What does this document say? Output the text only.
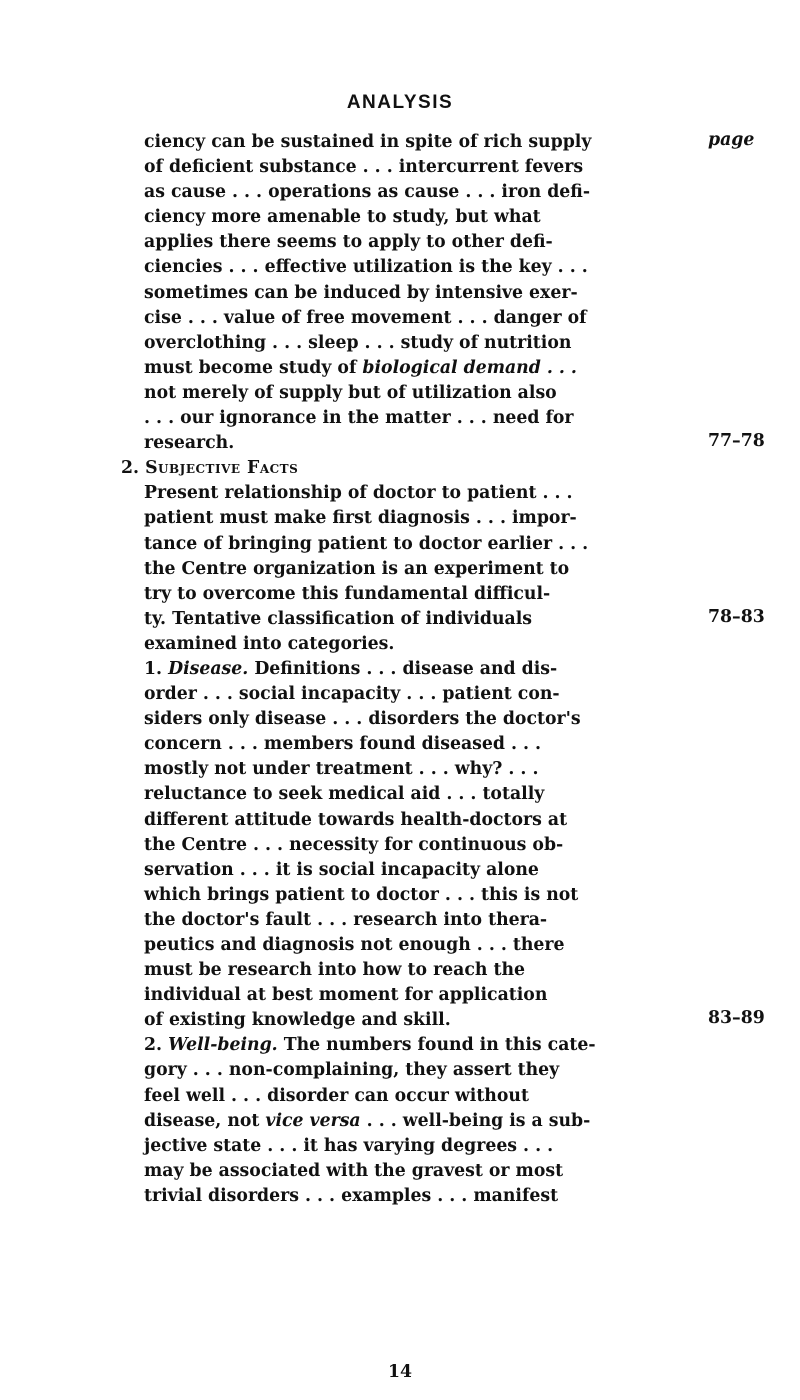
ANALYSIS
page

ciency can be sustained in spite of rich supply
of deficient substance . . . intercurrent fevers
as cause . . . operations as cause . . . iron defi-
ciency more amenable to study, but what
applies there seems to apply to other defi-
ciencies . . . effective utilization is the key . . .
sometimes can be induced by intensive exer-
cise . . . value of free movement . . . danger of
overclothing . . . sleep . . . study of nutrition
must become study of biological demand . . .
not merely of supply but of utilization also
. . . our ignorance in the matter . . . need for
research.

2. Subjective Facts

Present relationship of doctor to patient . . .
patient must make first diagnosis . . . impor-
tance of bringing patient to doctor earlier . . .
the Centre organization is an experiment to
try to overcome this fundamental difficul-
ty. Tentative classification of individuals
examined into categories.

1. Disease. Definitions . . . disease and dis-
order . . . social incapacity . . . patient con-
siders only disease . . . disorders the doctor's
concern . . . members found diseased . . .
mostly not under treatment . . . why? . . .
reluctance to seek medical aid . . . totally
different attitude towards health-doctors at
the Centre . . . necessity for continuous ob-
servation . . . it is social incapacity alone
which brings patient to doctor . . . this is not
the doctor's fault . . . research into thera-
peutics and diagnosis not enough . . . there
must be research into how to reach the
individual at best moment for application
of existing knowledge and skill.

2. Well-being. The numbers found in this cate-
gory . . . non-complaining, they assert they
feel well . . . disorder can occur without
disease, not vice versa . . . well-being is a sub-
jective state . . . it has varying degrees . . .
may be associated with the gravest or most
trivial disorders . . . examples . . . manifest

77–78
78–83
83–89
14
